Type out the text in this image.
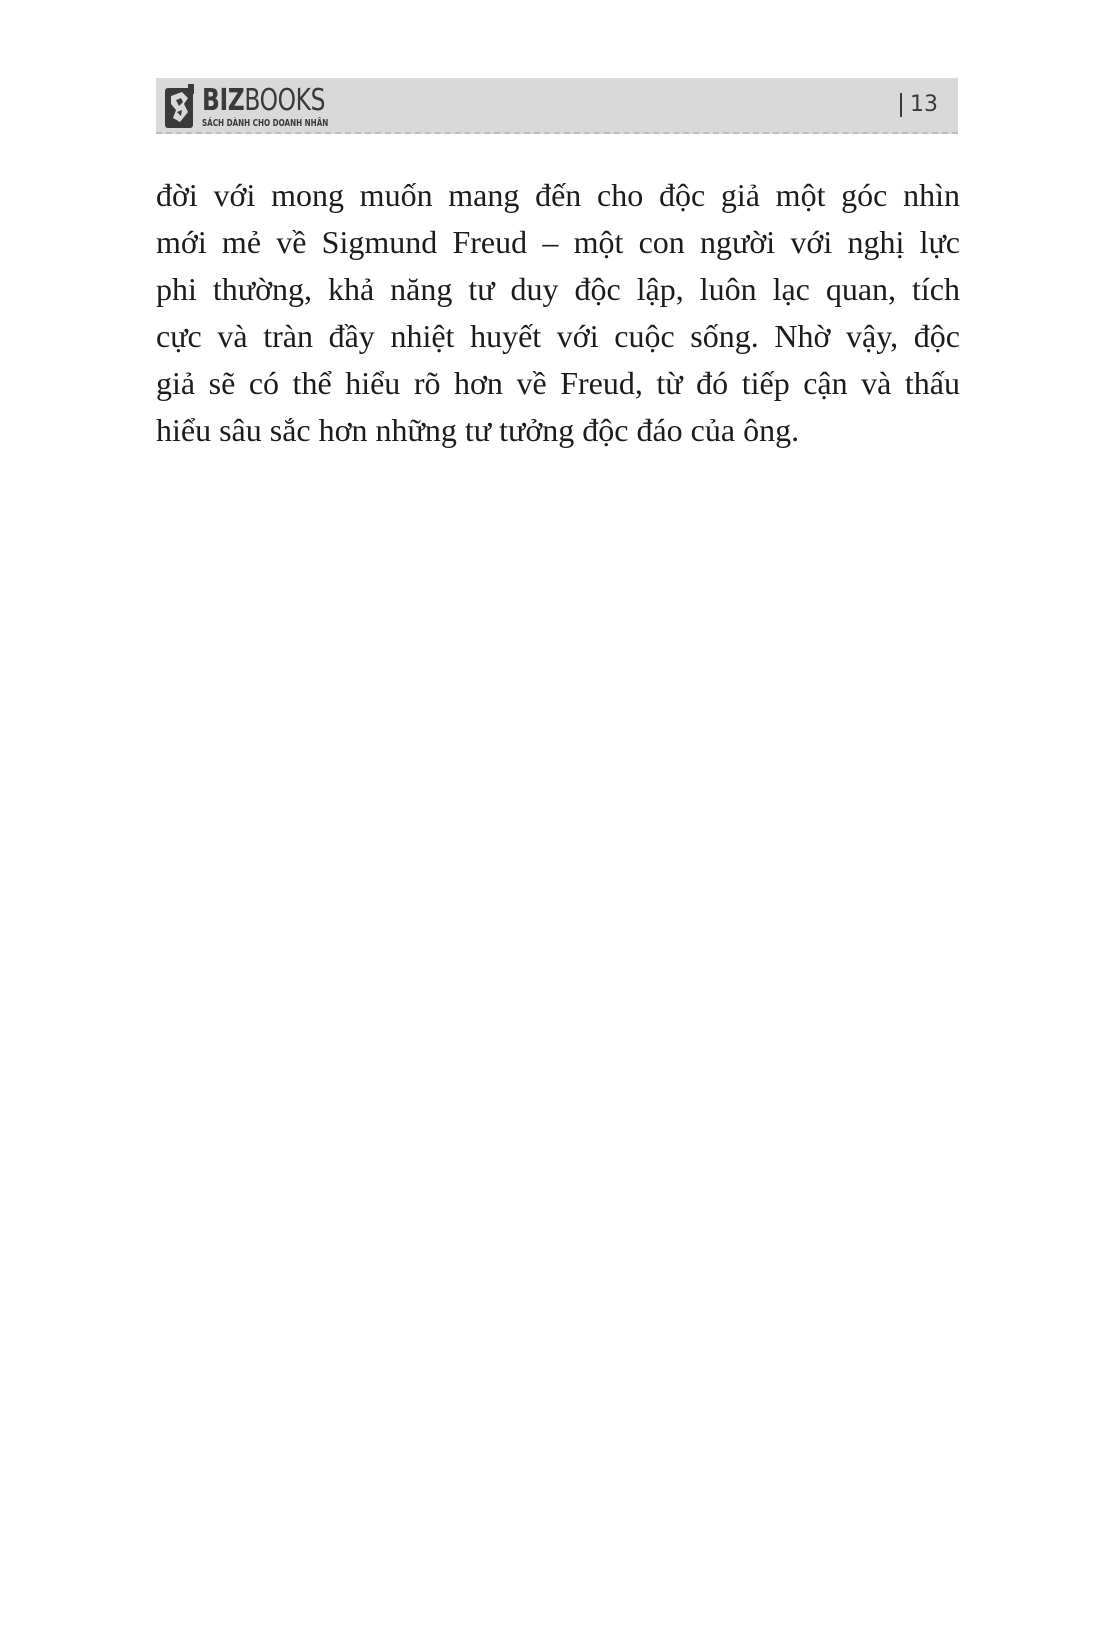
BIZBOOKS
SÁCH DÀNH CHO DOANH NHÂN
13
đời với mong muốn mang đến cho độc giả một góc nhìn
mới mẻ về Sigmund Freud – một con người với nghị lực
phi thường, khả năng tư duy độc lập, luôn lạc quan, tích
cực và tràn đầy nhiệt huyết với cuộc sống. Nhờ vậy, độc
giả sẽ có thể hiểu rõ hơn về Freud, từ đó tiếp cận và thấu
hiểu sâu sắc hơn những tư tưởng độc đáo của ông.
